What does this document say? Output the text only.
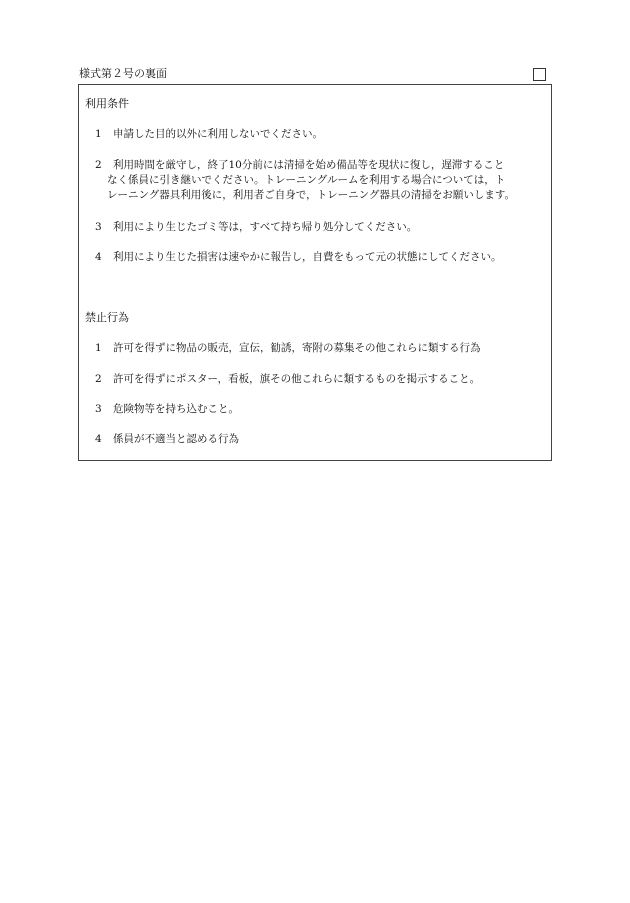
様式第２号の裏面
利用条件
1 申請した目的以外に利用しないでください。
2 利用時間を厳守し，終了10分前には清掃を始め備品等を現状に復し，遅滞すること
なく係員に引き継いでください。トレーニングルームを利用する場合については，ト
レーニング器具利用後に，利用者ご自身で，トレーニング器具の清掃をお願いします。
3 利用により生じたゴミ等は，すべて持ち帰り処分してください。
4 利用により生じた損害は速やかに報告し，自費をもって元の状態にしてください。
禁止行為
1 許可を得ずに物品の販売，宣伝，勧誘，寄附の募集その他これらに類する行為
2 許可を得ずにポスター，看板，旗その他これらに類するものを掲示すること。
3 危険物等を持ち込むこと。
4 係員が不適当と認める行為
